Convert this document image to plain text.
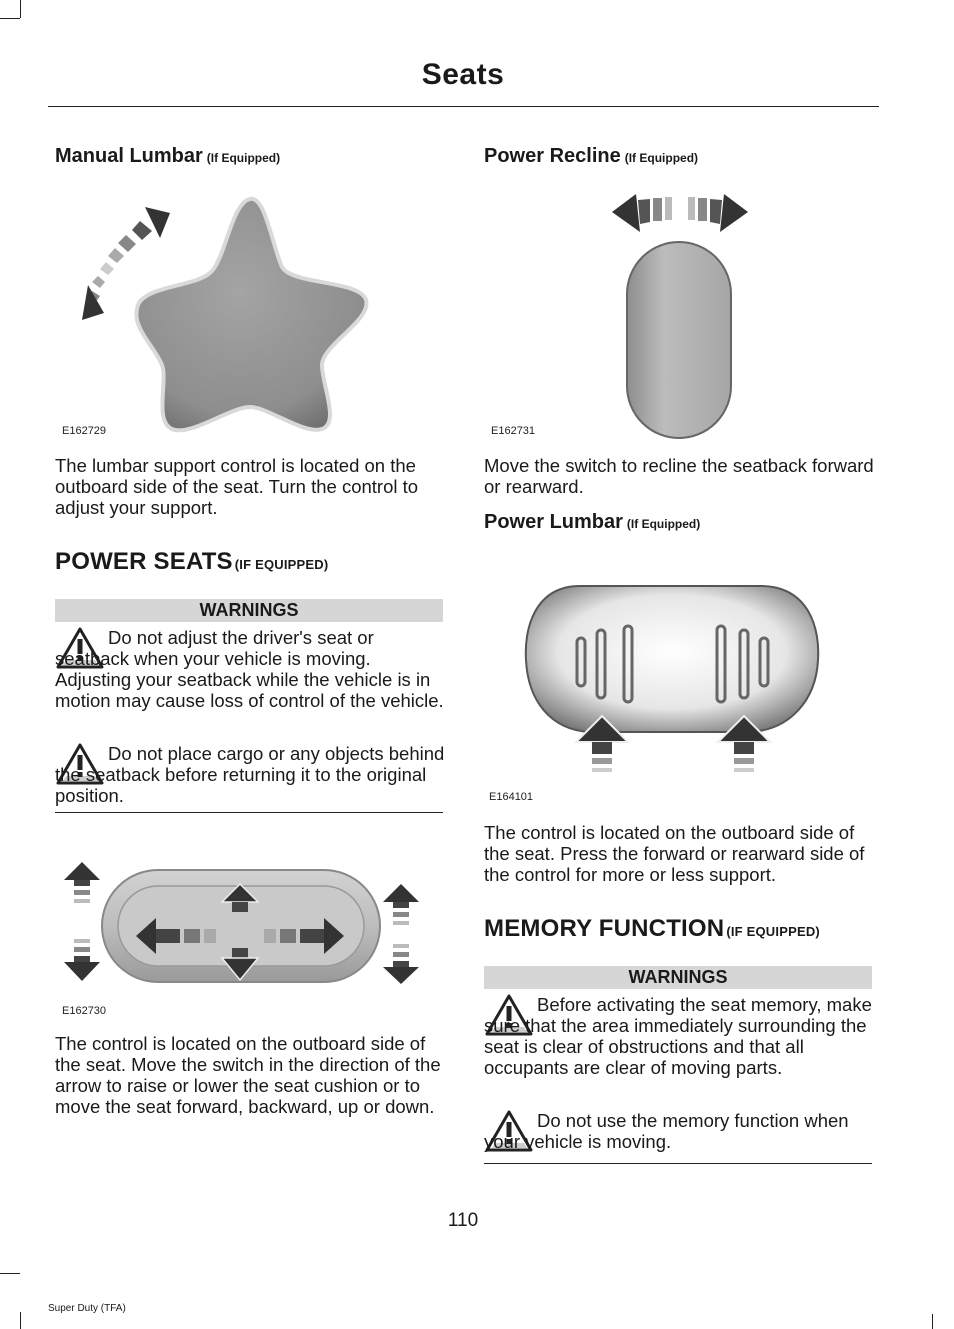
Seats
Manual Lumbar (If Equipped)
E162729
The lumbar support control is located on the outboard side of the seat. Turn the control to adjust your support.
POWER SEATS (IF EQUIPPED)
WARNINGS
Do not adjust the driver's seat or seatback when your vehicle is moving. Adjusting your seatback while the vehicle is in motion may cause loss of control of the vehicle.
Do not place cargo or any objects behind the seatback before returning it to the original position.
E162730
The control is located on the outboard side of the seat. Move the switch in the direction of the arrow to raise or lower the seat cushion or to move the seat forward, backward, up or down.
Power Recline (If Equipped)
E162731
Move the switch to recline the seatback forward or rearward.
Power Lumbar (If Equipped)
E164101
The control is located on the outboard side of the seat. Press the forward or rearward side of the control for more or less support.
MEMORY FUNCTION (IF EQUIPPED)
WARNINGS
Before activating the seat memory, make sure that the area immediately surrounding the seat is clear of obstructions and that all occupants are clear of moving parts.
Do not use the memory function when your vehicle is moving.
110
Super Duty (TFA)
